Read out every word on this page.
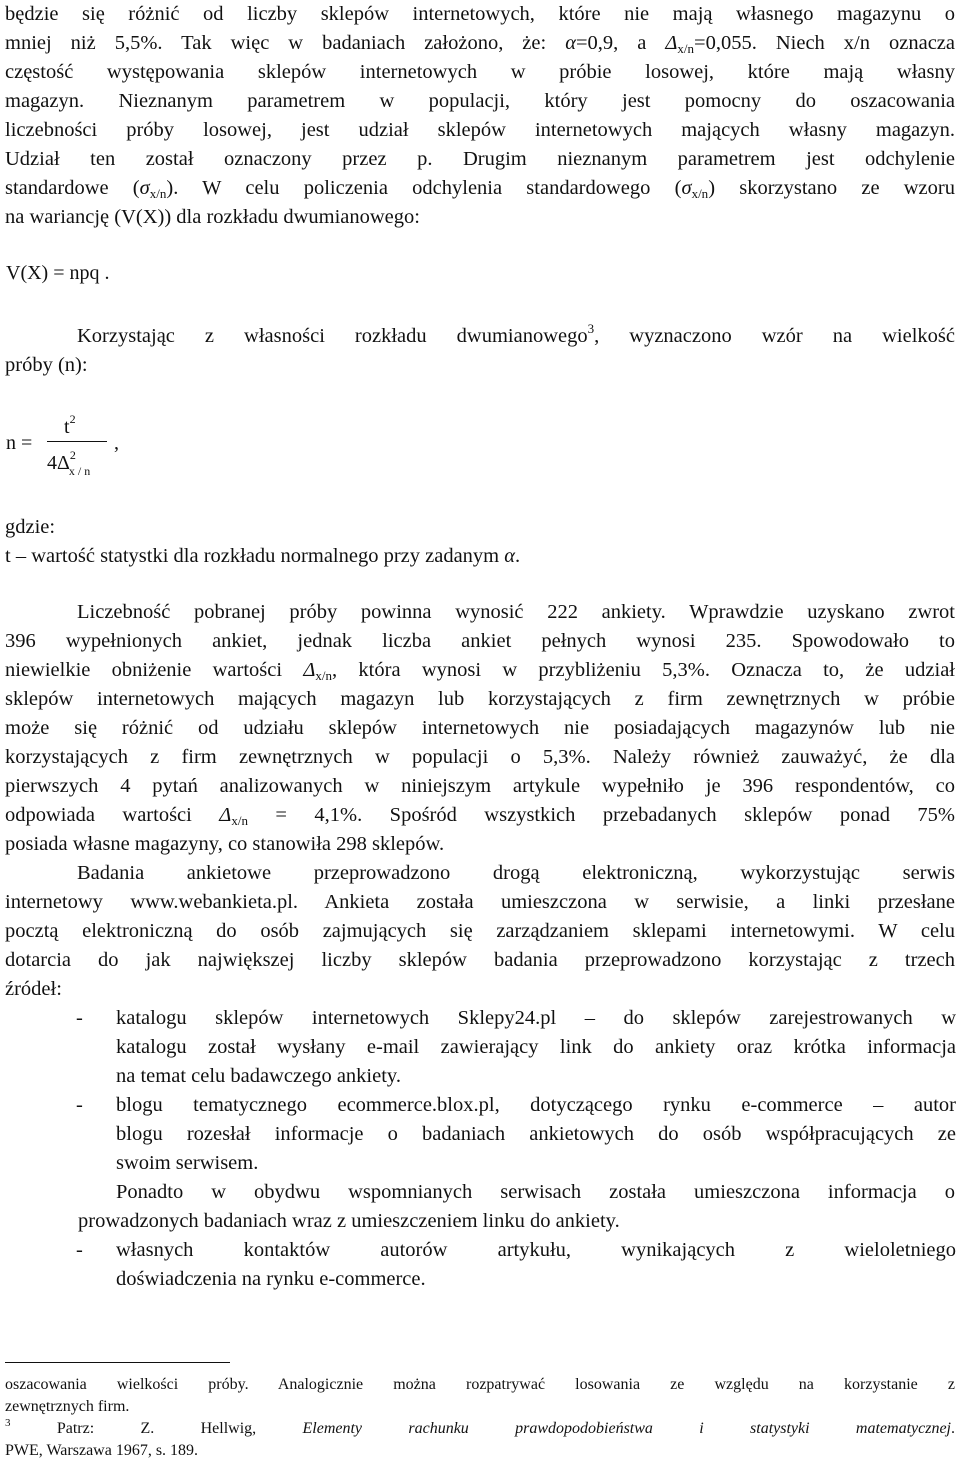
będzie się różnić od liczby sklepów internetowych, które nie mają własnego magazynu o
mniej niż 5,5%. Tak więc w badaniach założono, że: α=0,9, a $\Delta_{x/n}=0,055$. Niech x/n oznacza
częstość występowania sklepów internetowych w próbie losowej, które mają własny
magazyn. Nieznanym parametrem w populacji, który jest pomocny do oszacowania
liczebności próby losowej, jest udział sklepów internetowych mających własny magazyn.
Udział ten został oznaczony przez p. Drugim nieznanym parametrem jest odchylenie
standardowe $(\sigma_{x/n})$. W celu policzenia odchylenia standardowego $(\sigma_{x/n})$ skorzystano ze wzoru
na wariancję (V(X)) dla rozkładu dwumianowego:
V(X) = npq .
Korzystając z własności rozkładu dwumianowego$^3$, wyznaczono wzór na wielkość
próby (n):
n =
$t^2$
$4\Delta^2_{x / n}$
,
gdzie:
t – wartość statystki dla rozkładu normalnego przy zadanym α.
Liczebność pobranej próby powinna wynosić 222 ankiety. Wprawdzie uzyskano zwrot
396 wypełnionych ankiet, jednak liczba ankiet pełnych wynosi 235. Spowodowało to
niewielkie obniżenie wartości $\Delta_{x/n}$, która wynosi w przybliżeniu 5,3%. Oznacza to, że udział
sklepów internetowych mających magazyn lub korzystających z firm zewnętrznych w próbie
może się różnić od udziału sklepów internetowych nie posiadających magazynów lub nie
korzystających z firm zewnętrznych w populacji o 5,3%. Należy również zauważyć, że dla
pierwszych 4 pytań analizowanych w niniejszym artykule wypełniło je 396 respondentów, co
odpowiada wartości $\Delta_{x/n} = 4,1\%$. Spośród wszystkich przebadanych sklepów ponad 75%
posiada własne magazyny, co stanowiła 298 sklepów.
Badania ankietowe przeprowadzono drogą elektroniczną, wykorzystując serwis
internetowy www.webankieta.pl. Ankieta została umieszczona w serwisie, a linki przesłane
pocztą elektroniczną do osób zajmujących się zarządzaniem sklepami internetowymi. W celu
dotarcia do jak największej liczby sklepów badania przeprowadzono korzystając z trzech
źródeł:
- katalogu sklepów internetowych Sklepy24.pl – do sklepów zarejestrowanych w
katalogu został wysłany e-mail zawierający link do ankiety oraz krótka informacja
na temat celu badawczego ankiety.
- blogu tematycznego ecommerce.blox.pl, dotyczącego rynku e-commerce – autor
blogu rozesłał informacje o badaniach ankietowych do osób współpracujących ze
swoim serwisem.
Ponadto w obydwu wspomnianych serwisach została umieszczona informacja o
prowadzonych badaniach wraz z umieszczeniem linku do ankiety.
- własnych kontaktów autorów artykułu, wynikających z wieloletniego
doświadczenia na rynku e-commerce.
oszacowania wielkości próby. Analogicznie można rozpatrywać losowania ze względu na korzystanie z
zewnętrznych firm.
$^3$ Patrz: Z. Hellwig, Elementy rachunku prawdopodobieństwa i statystyki matematycznej.
PWE, Warszawa 1967, s. 189.
